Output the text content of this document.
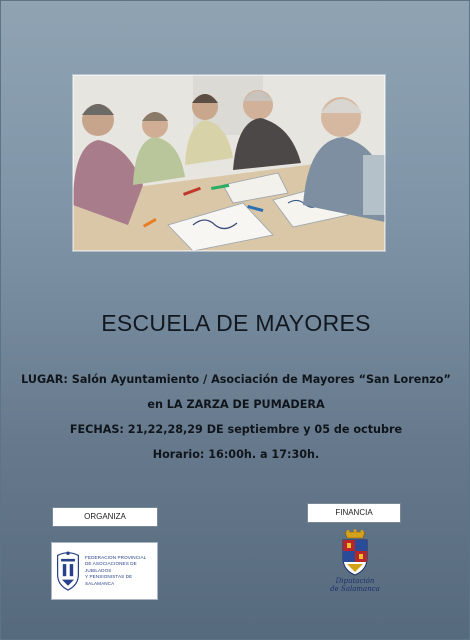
ESCUELA DE MAYORES
LUGAR: Salón Ayuntamiento / Asociación de Mayores “San Lorenzo”
en LA ZARZA DE PUMADERA
FECHAS: 21,22,28,29 DE septiembre y 05 de octubre
Horario: 16:00h. a 17:30h.
ORGANIZA	FINANCIA
FEDERACION PROVINCIAL
DE ASOCIACIONES DE JUBILADOS
Y PENSIONISTAS DE SALAMANCA	Diputación
de Salamanca
